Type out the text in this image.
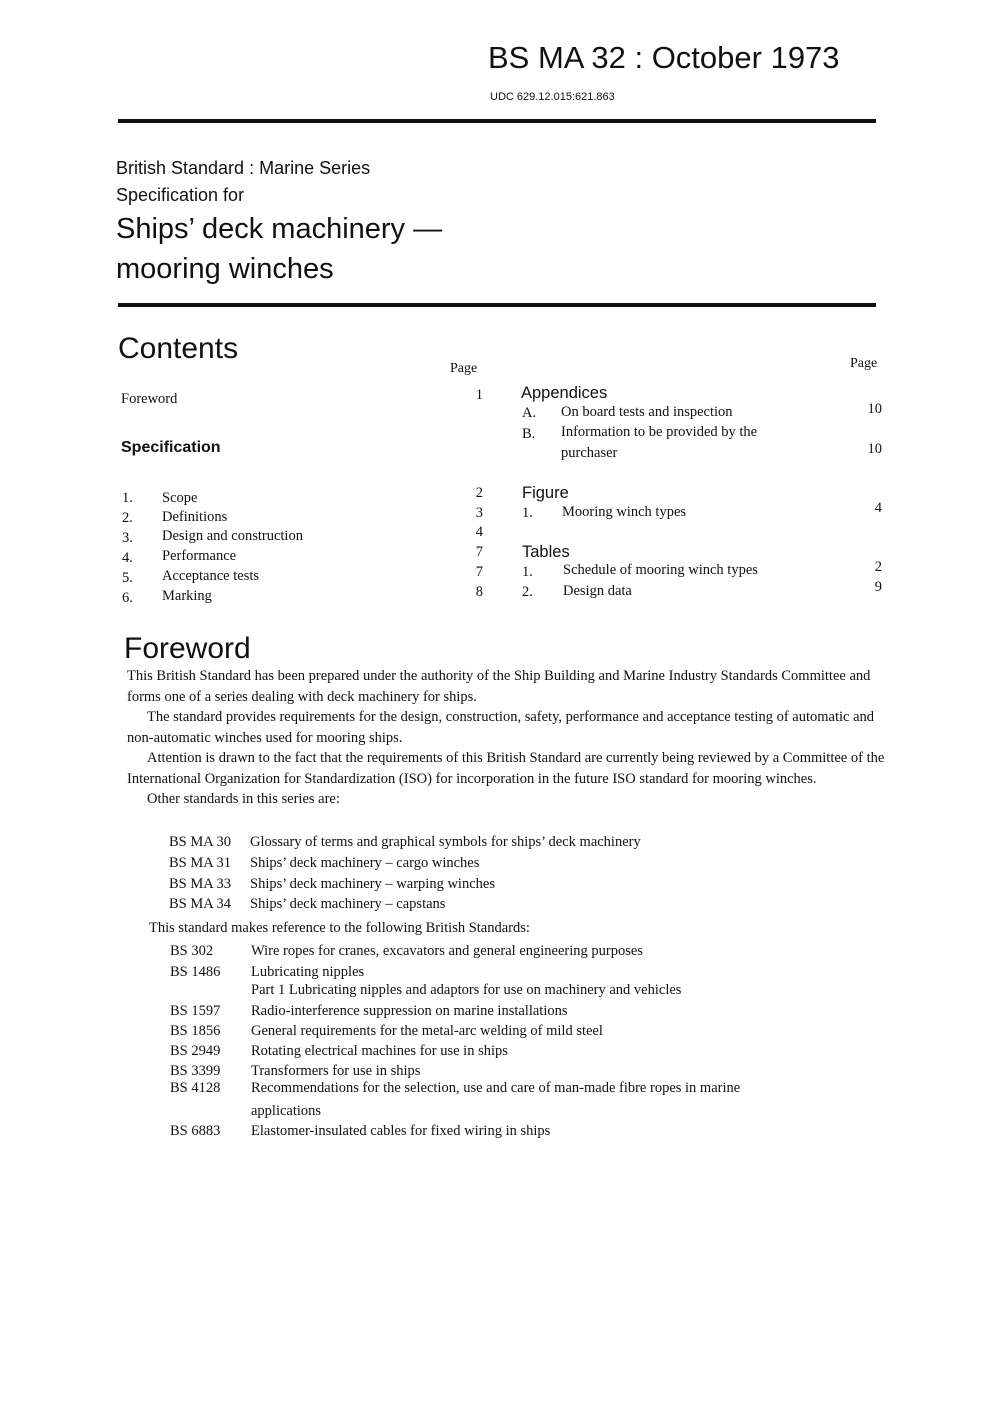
BS MA 32 : October 1973
UDC 629.12.015:621.863
British Standard : Marine Series
Specification for
Ships’ deck machinery —
mooring winches
Contents
Page	Page
Foreword	1
Specification
1. Scope	2
2. Definitions	3
3. Design and construction	4
4. Performance	7
5. Acceptance tests	7
6. Marking	8
Appendices
A. On board tests and inspection	10
B. Information to be provided by the
purchaser	10
Figure
1. Mooring winch types	4
Tables
1. Schedule of mooring winch types	2
2. Design data	9
Foreword

This British Standard has been prepared under the authority of the Ship Building and Marine Industry Standards Committee and forms one of a series dealing with deck machinery for ships.

The standard provides requirements for the design, construction, safety, performance and acceptance testing of automatic and non-automatic winches used for mooring ships.

Attention is drawn to the fact that the requirements of this British Standard are currently being reviewed by a Committee of the International Organization for Standardization (ISO) for incorporation in the future ISO standard for mooring winches.

Other standards in this series are:

BS MA 30 Glossary of terms and graphical symbols for ships’ deck machinery
BS MA 31 Ships’ deck machinery – cargo winches
BS MA 33 Ships’ deck machinery – warping winches
BS MA 34 Ships’ deck machinery – capstans
This standard makes reference to the following British Standards:
BS 302	Wire ropes for cranes, excavators and general engineering purposes
BS 1486 Lubricating nipples
Part 1 Lubricating nipples and adaptors for use on machinery and vehicles
BS 1597 Radio-interference suppression on marine installations
BS 1856 General requirements for the metal-arc welding of mild steel
BS 2949 Rotating electrical machines for use in ships
BS 3399 Transformers for use in ships
BS 4128 Recommendations for the selection, use and care of man-made fibre ropes in marine
applications
BS 6883 Elastomer-insulated cables for fixed wiring in ships
